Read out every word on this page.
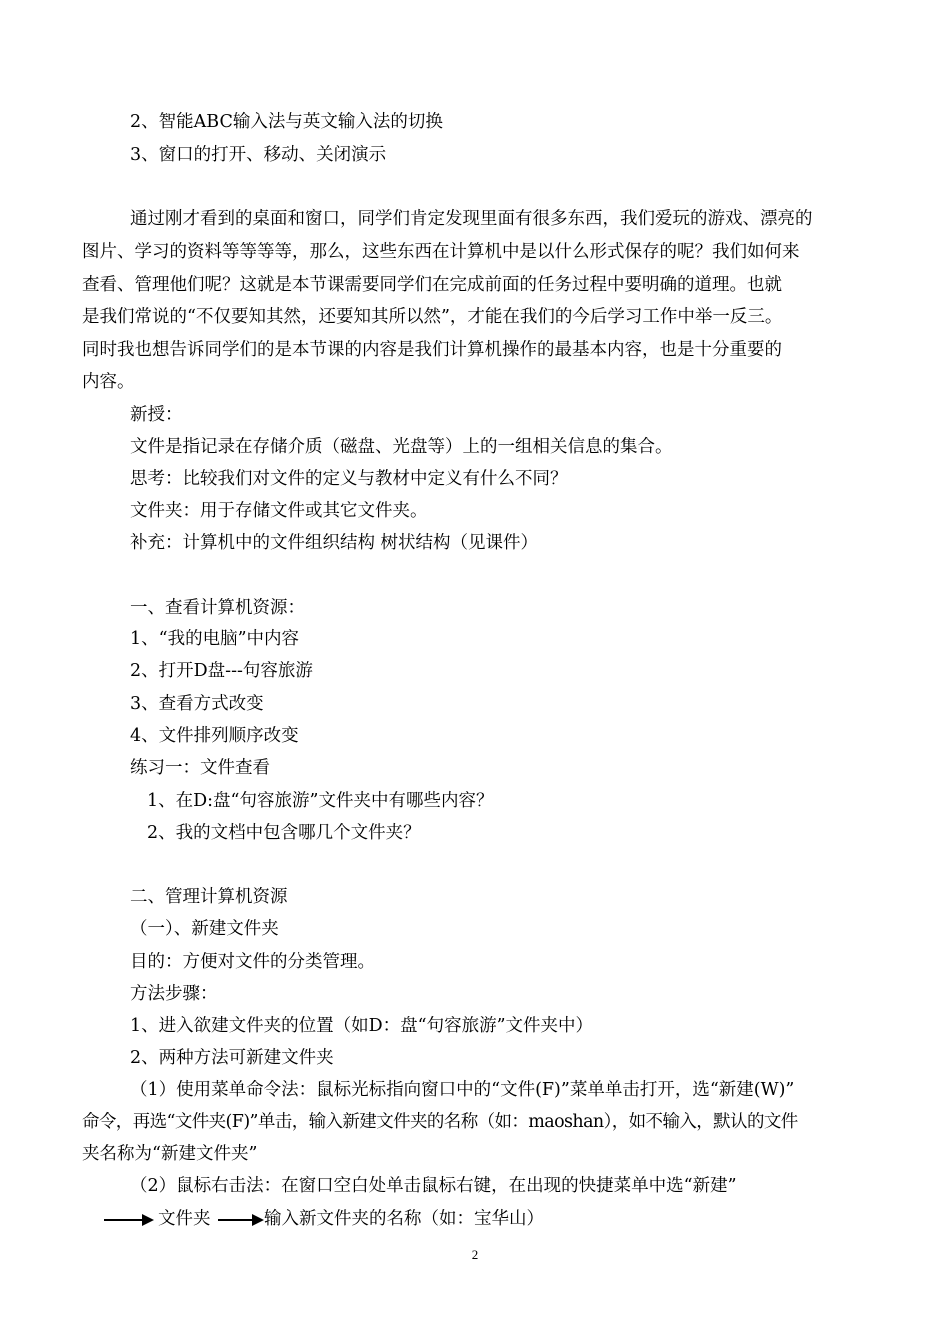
2、智能ABC输入法与英文输入法的切换
3、窗口的打开、移动、关闭演示
通过刚才看到的桌面和窗口，同学们肯定发现里面有很多东西，我们爱玩的游戏、漂亮的
图片、学习的资料等等等等，那么，这些东西在计算机中是以什么形式保存的呢？我们如何来
查看、管理他们呢？这就是本节课需要同学们在完成前面的任务过程中要明确的道理。也就
是我们常说的“不仅要知其然，还要知其所以然”，才能在我们的今后学习工作中举一反三。
同时我也想告诉同学们的是本节课的内容是我们计算机操作的最基本内容，也是十分重要的
内容。
新授：
文件是指记录在存储介质（磁盘、光盘等）上的一组相关信息的集合。
思考：比较我们对文件的定义与教材中定义有什么不同？
文件夹：用于存储文件或其它文件夹。
补充：计算机中的文件组织结构 树状结构（见课件）
一、查看计算机资源：
1、“我的电脑”中内容
2、打开D盘---句容旅游
3、查看方式改变
4、文件排列顺序改变
练习一：文件查看
1、在D:盘“句容旅游”文件夹中有哪些内容？
2、我的文档中包含哪几个文件夹？
二、管理计算机资源
（一）、新建文件夹
目的：方便对文件的分类管理。
方法步骤：
1、进入欲建文件夹的位置（如D：盘“句容旅游”文件夹中）
2、两种方法可新建文件夹
（1）使用菜单命令法：鼠标光标指向窗口中的“文件(F)”菜单单击打开，选“新建(W)”
命令，再选“文件夹(F)”单击，输入新建文件夹的名称（如：maoshan），如不输入，默认的文件
夹名称为“新建文件夹”
（2）鼠标右击法：在窗口空白处单击鼠标右键，在出现的快捷菜单中选“新建”
文件夹	输入新文件夹的名称（如：宝华山）
2
